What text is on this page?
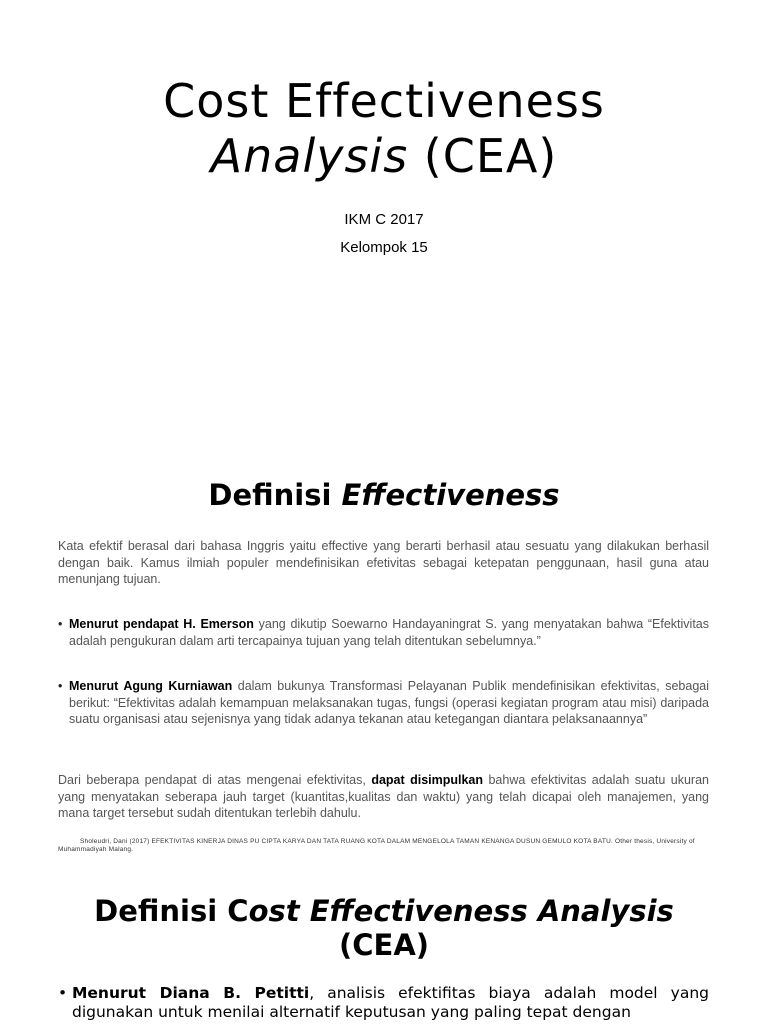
Cost Effectiveness
Analysis (CEA)
IKM C 2017
Kelompok 15
Definisi Effectiveness
Kata efektif berasal dari bahasa Inggris yaitu effective yang berarti berhasil atau sesuatu yang dilakukan berhasil dengan baik. Kamus ilmiah populer mendefinisikan efetivitas sebagai ketepatan penggunaan, hasil guna atau menunjang tujuan.
• Menurut pendapat H. Emerson yang dikutip Soewarno Handayaningrat S. yang menyatakan bahwa “Efektivitas adalah pengukuran dalam arti tercapainya tujuan yang telah ditentukan sebelumnya.”
• Menurut Agung Kurniawan dalam bukunya Transformasi Pelayanan Publik mendefinisikan efektivitas, sebagai berikut: “Efektivitas adalah kemampuan melaksanakan tugas, fungsi (operasi kegiatan program atau misi) daripada suatu organisasi atau sejenisnya yang tidak adanya tekanan atau ketegangan diantara pelaksanaannya”
Dari beberapa pendapat di atas mengenai efektivitas, dapat disimpulkan bahwa efektivitas adalah suatu ukuran yang menyatakan seberapa jauh target (kuantitas,kualitas dan waktu) yang telah dicapai oleh manajemen, yang mana target tersebut sudah ditentukan terlebih dahulu.
Sholeudri, Dani (2017) EFEKTIVITAS KINERJA DINAS PU CIPTA KARYA DAN TATA RUANG KOTA DALAM MENGELOLA TAMAN KENANGA DUSUN GEMULO KOTA BATU. Other thesis, University of Muhammadiyah Malang.
Definisi Cost Effectiveness Analysis
(CEA)
• Menurut Diana B. Petitti, analisis efektifitas biaya adalah model yang digunakan untuk menilai alternatif keputusan yang paling tepat dengan
